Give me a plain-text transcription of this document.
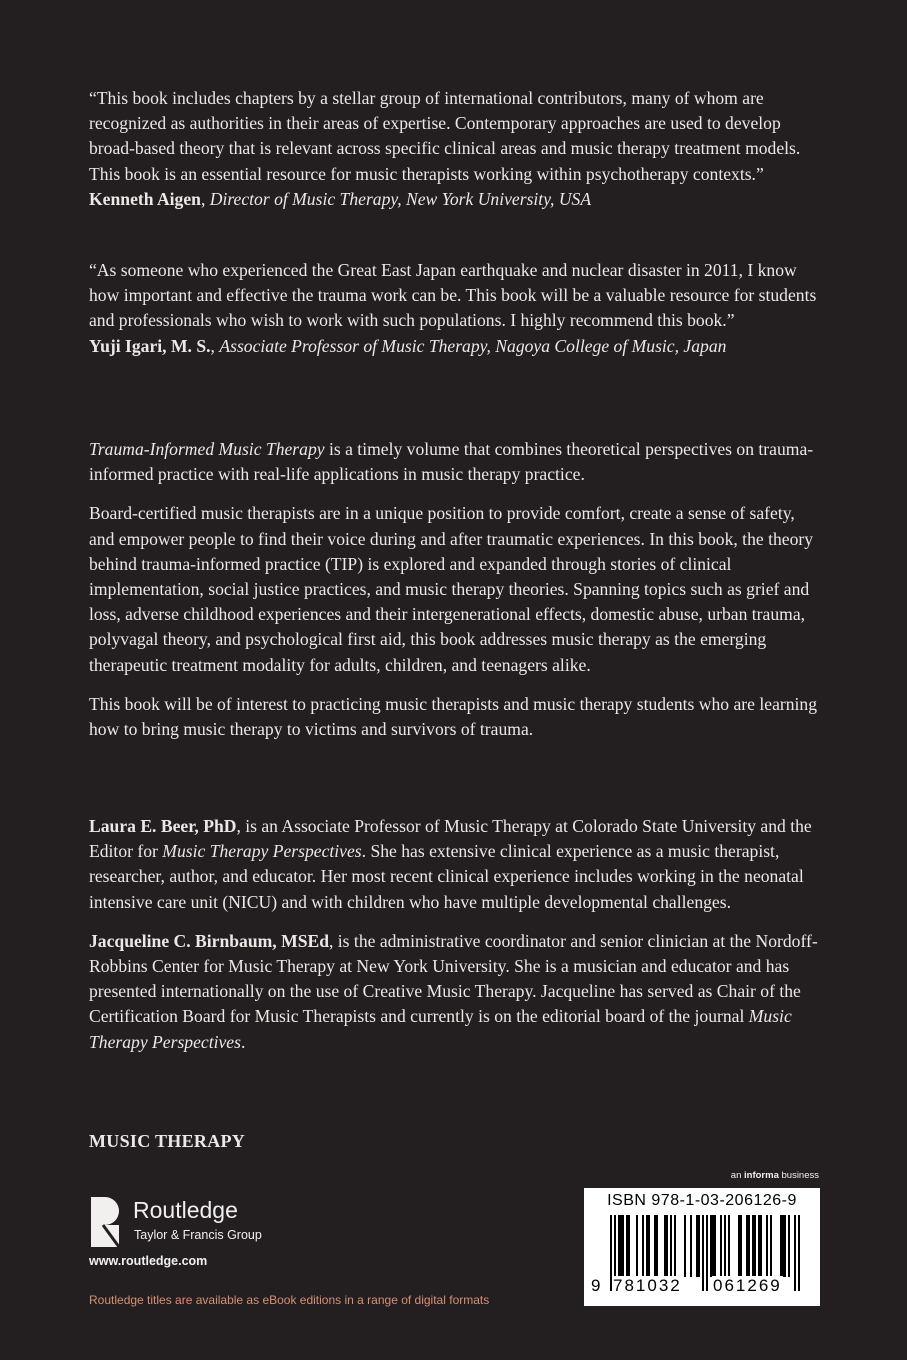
“This book includes chapters by a stellar group of international contributors, many of whom are recognized as authorities in their areas of expertise. Contemporary approaches are used to develop broad-based theory that is relevant across specific clinical areas and music therapy treatment models. This book is an essential resource for music therapists working within psychotherapy contexts.”

Kenneth Aigen, Director of Music Therapy, New York University, USA

“As someone who experienced the Great East Japan earthquake and nuclear disaster in 2011, I know how important and effective the trauma work can be. This book will be a valuable resource for students and professionals who wish to work with such populations. I highly recommend this book.”

Yuji Igari, M. S., Associate Professor of Music Therapy, Nagoya College of Music, Japan

Trauma-Informed Music Therapy is a timely volume that combines theoretical perspectives on trauma-informed practice with real-life applications in music therapy practice.

Board-certified music therapists are in a unique position to provide comfort, create a sense of safety, and empower people to find their voice during and after traumatic experiences. In this book, the theory behind trauma-informed practice (TIP) is explored and expanded through stories of clinical implementation, social justice practices, and music therapy theories. Spanning topics such as grief and loss, adverse childhood experiences and their intergenerational effects, domestic abuse, urban trauma, polyvagal theory, and psychological first aid, this book addresses music therapy as the emerging therapeutic treatment modality for adults, children, and teenagers alike.

This book will be of interest to practicing music therapists and music therapy students who are learning how to bring music therapy to victims and survivors of trauma.

Laura E. Beer, PhD, is an Associate Professor of Music Therapy at Colorado State University and the Editor for Music Therapy Perspectives. She has extensive clinical experience as a music therapist, researcher, author, and educator. Her most recent clinical experience includes working in the neonatal intensive care unit (NICU) and with children who have multiple developmental challenges.

Jacqueline C. Birnbaum, MSEd, is the administrative coordinator and senior clinician at the Nordoff-Robbins Center for Music Therapy at New York University. She is a musician and educator and has presented internationally on the use of Creative Music Therapy. Jacqueline has served as Chair of the Certification Board for Music Therapists and currently is on the editorial board of the journal Music Therapy Perspectives.

MUSIC THERAPY
ROUTLEDGE Routledge
Taylor & Francis Group
www.routledge.com
Routledge titles are available as eBook editions in a range of digital formats
an informa business
ISBN 978-1-03-206126-9
9 781032 061269
